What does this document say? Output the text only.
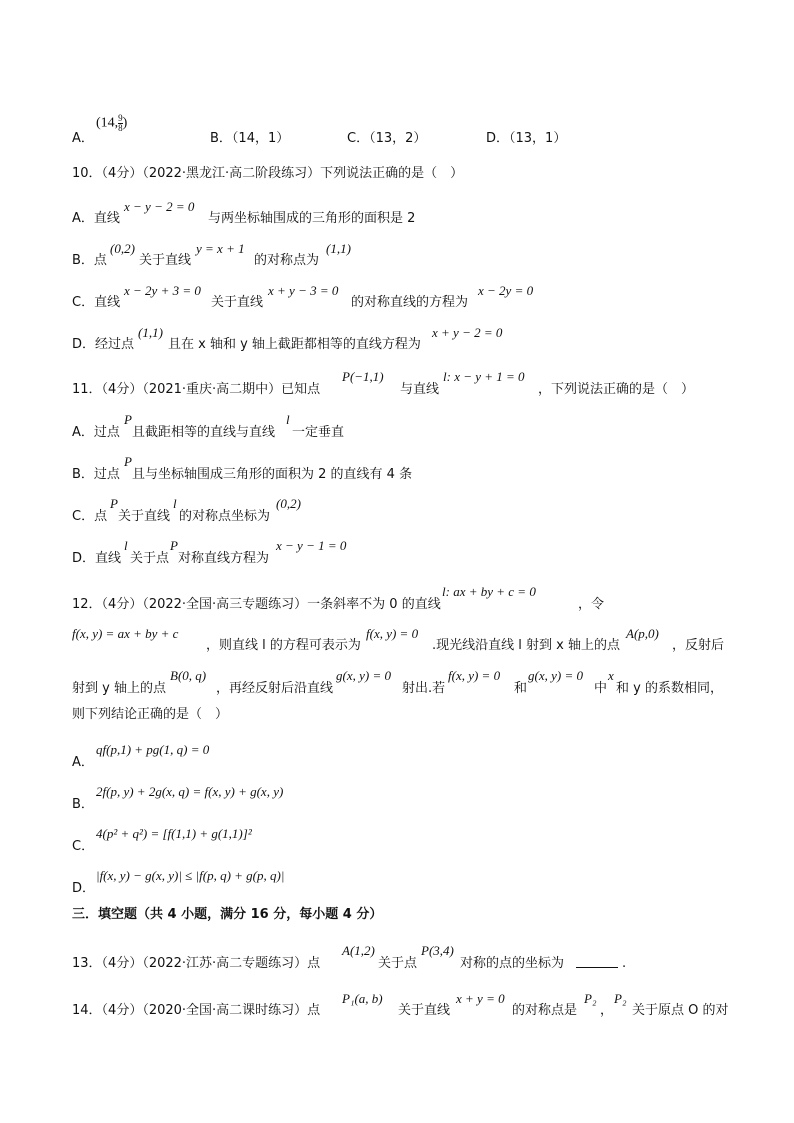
A．
(14, $\frac{9}{8}$ )
B．（14，1）	C．（13，2）	D．（13，1）
10．（4分）（2022·黑龙江·高二阶段练习）下列说法正确的是（　）
A．直线
x − y − 2 = 0
与两坐标轴围成的三角形的面积是 2
B．点
(0,2)
关于直线
y = x + 1
的对称点为
(1,1)
C．直线
x − 2y + 3 = 0
关于直线
x + y − 3 = 0
的对称直线的方程为
x − 2y = 0
D．经过点
(1,1)
且在 x 轴和 y 轴上截距都相等的直线方程为
x + y − 2 = 0
11．（4分）（2021·重庆·高二期中）已知点
P(−1,1)
与直线
l: x − y + 1 = 0
，下列说法正确的是（　）
A．过点
P
且截距相等的直线与直线
l
一定垂直
B．过点
P
且与坐标轴围成三角形的面积为 2 的直线有 4 条
C．点
P
关于直线
l
的对称点坐标为
(0,2)
D．直线
l
关于点
P
对称直线方程为
x − y − 1 = 0
12．（4分）（2022·全国·高三专题练习）一条斜率不为 0 的直线
l: ax + by + c = 0
，令
f(x, y) = ax + by + c
，则直线 l 的方程可表示为
f(x, y) = 0
.现光线沿直线 l 射到 x 轴上的点
A(p,0)
，反射后
射到 y 轴上的点
B(0, q)
，再经反射后沿直线
g(x, y) = 0
射出.若
f(x, y) = 0
和
g(x, y) = 0
中
x
和 y 的系数相同，
则下列结论正确的是（　）
A．
qf(p,1) + pg(1, q) = 0
B．
2f(p, y) + 2g(x, q) = f(x, y) + g(x, y)
C．
4(p² + q²) = [f(1,1) + g(1,1)]²
D．
|f(x, y) − g(x, y)| ≤ |f(p, q) + g(p, q)|
三．填空题（共 4 小题，满分 16 分，每小题 4 分）
13．（4分）（2022·江苏·高二专题练习）点
A(1,2)
关于点
P(3,4)
对称的点的坐标为	.
14．（4分）（2020·全国·高二课时练习）点
P₁(a, b)
关于直线
x + y = 0
的对称点是
P₂
，
P₂
关于原点 O 的对
